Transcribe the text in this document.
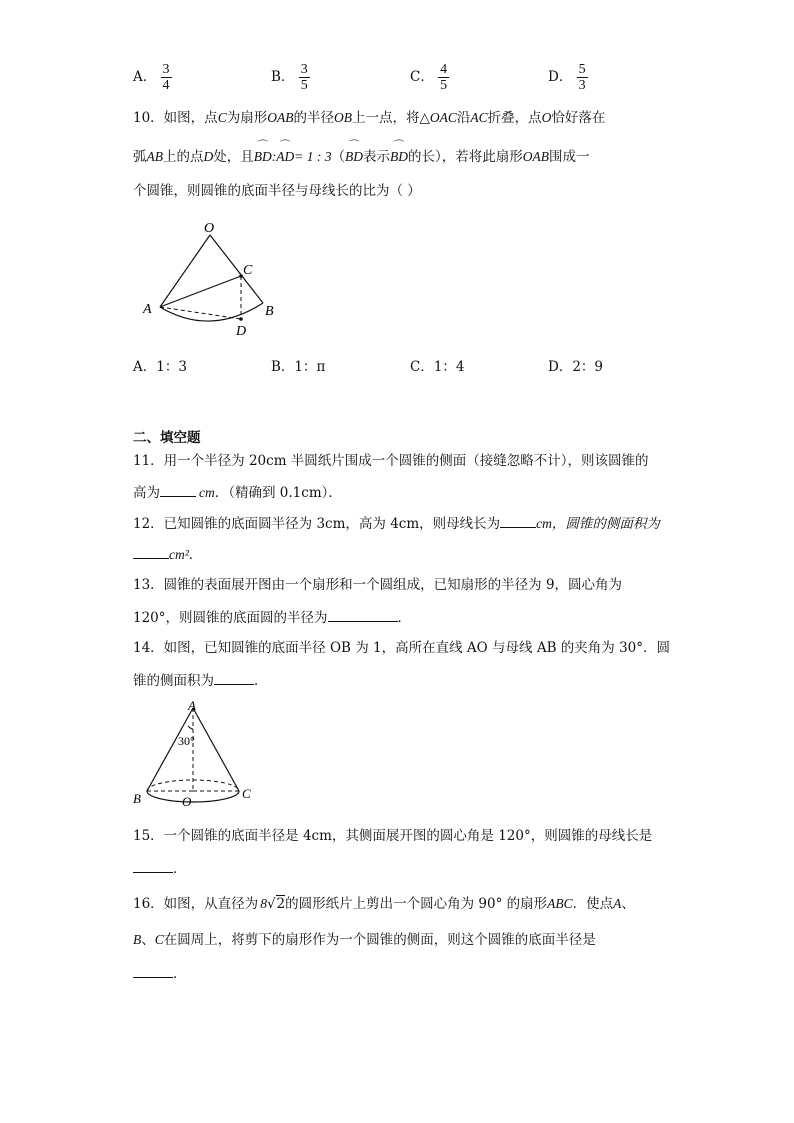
A． $\frac{3}{4}$	B． $\frac{3}{5}$	C． $\frac{4}{5}$	D． $\frac{5}{3}$
10．如图，点C为扇形OAB的半径OB上一点，将△OAC沿AC折叠，点O恰好落在
弧AB上的点D处，且⌒ BD:⌒ AD= 1 : 3（⌒ BD表示⌒ BD的长），若将此扇形OAB围成一
个圆锥，则圆锥的底面半径与母线长的比为（ ）
O
A	B
C
D
A．1：3	B．1：π	C．1：4	D．2：9
二、填空题
11．用一个半径为 20cm 半圆纸片围成一个圆锥的侧面（接缝忽略不计），则该圆锥的
高为	cm．（精确到 0.1cm）．
12．已知圆锥的底面圆半径为 3cm，高为 4cm，则母线长为	cm，圆锥的侧面积为
cm²．
13．圆锥的表面展开图由一个扇形和一个圆组成，已知扇形的半径为 9，圆心角为
120°，则圆锥的底面圆的半径为	．
14．如图，已知圆锥的底面半径 OB 为 1，高所在直线 AO 与母线 AB 的夹角为 30°．圆
锥的侧面积为	．
A
B	C
O
30°
15．一个圆锥的底面半径是 4cm，其侧面展开图的圆心角是 120°，则圆锥的母线长是
．
16．如图，从直径为 8√2的圆形纸片上剪出一个圆心角为 90° 的扇形ABC．使点A、
B、C在圆周上，将剪下的扇形作为一个圆锥的侧面，则这个圆锥的底面半径是
．
